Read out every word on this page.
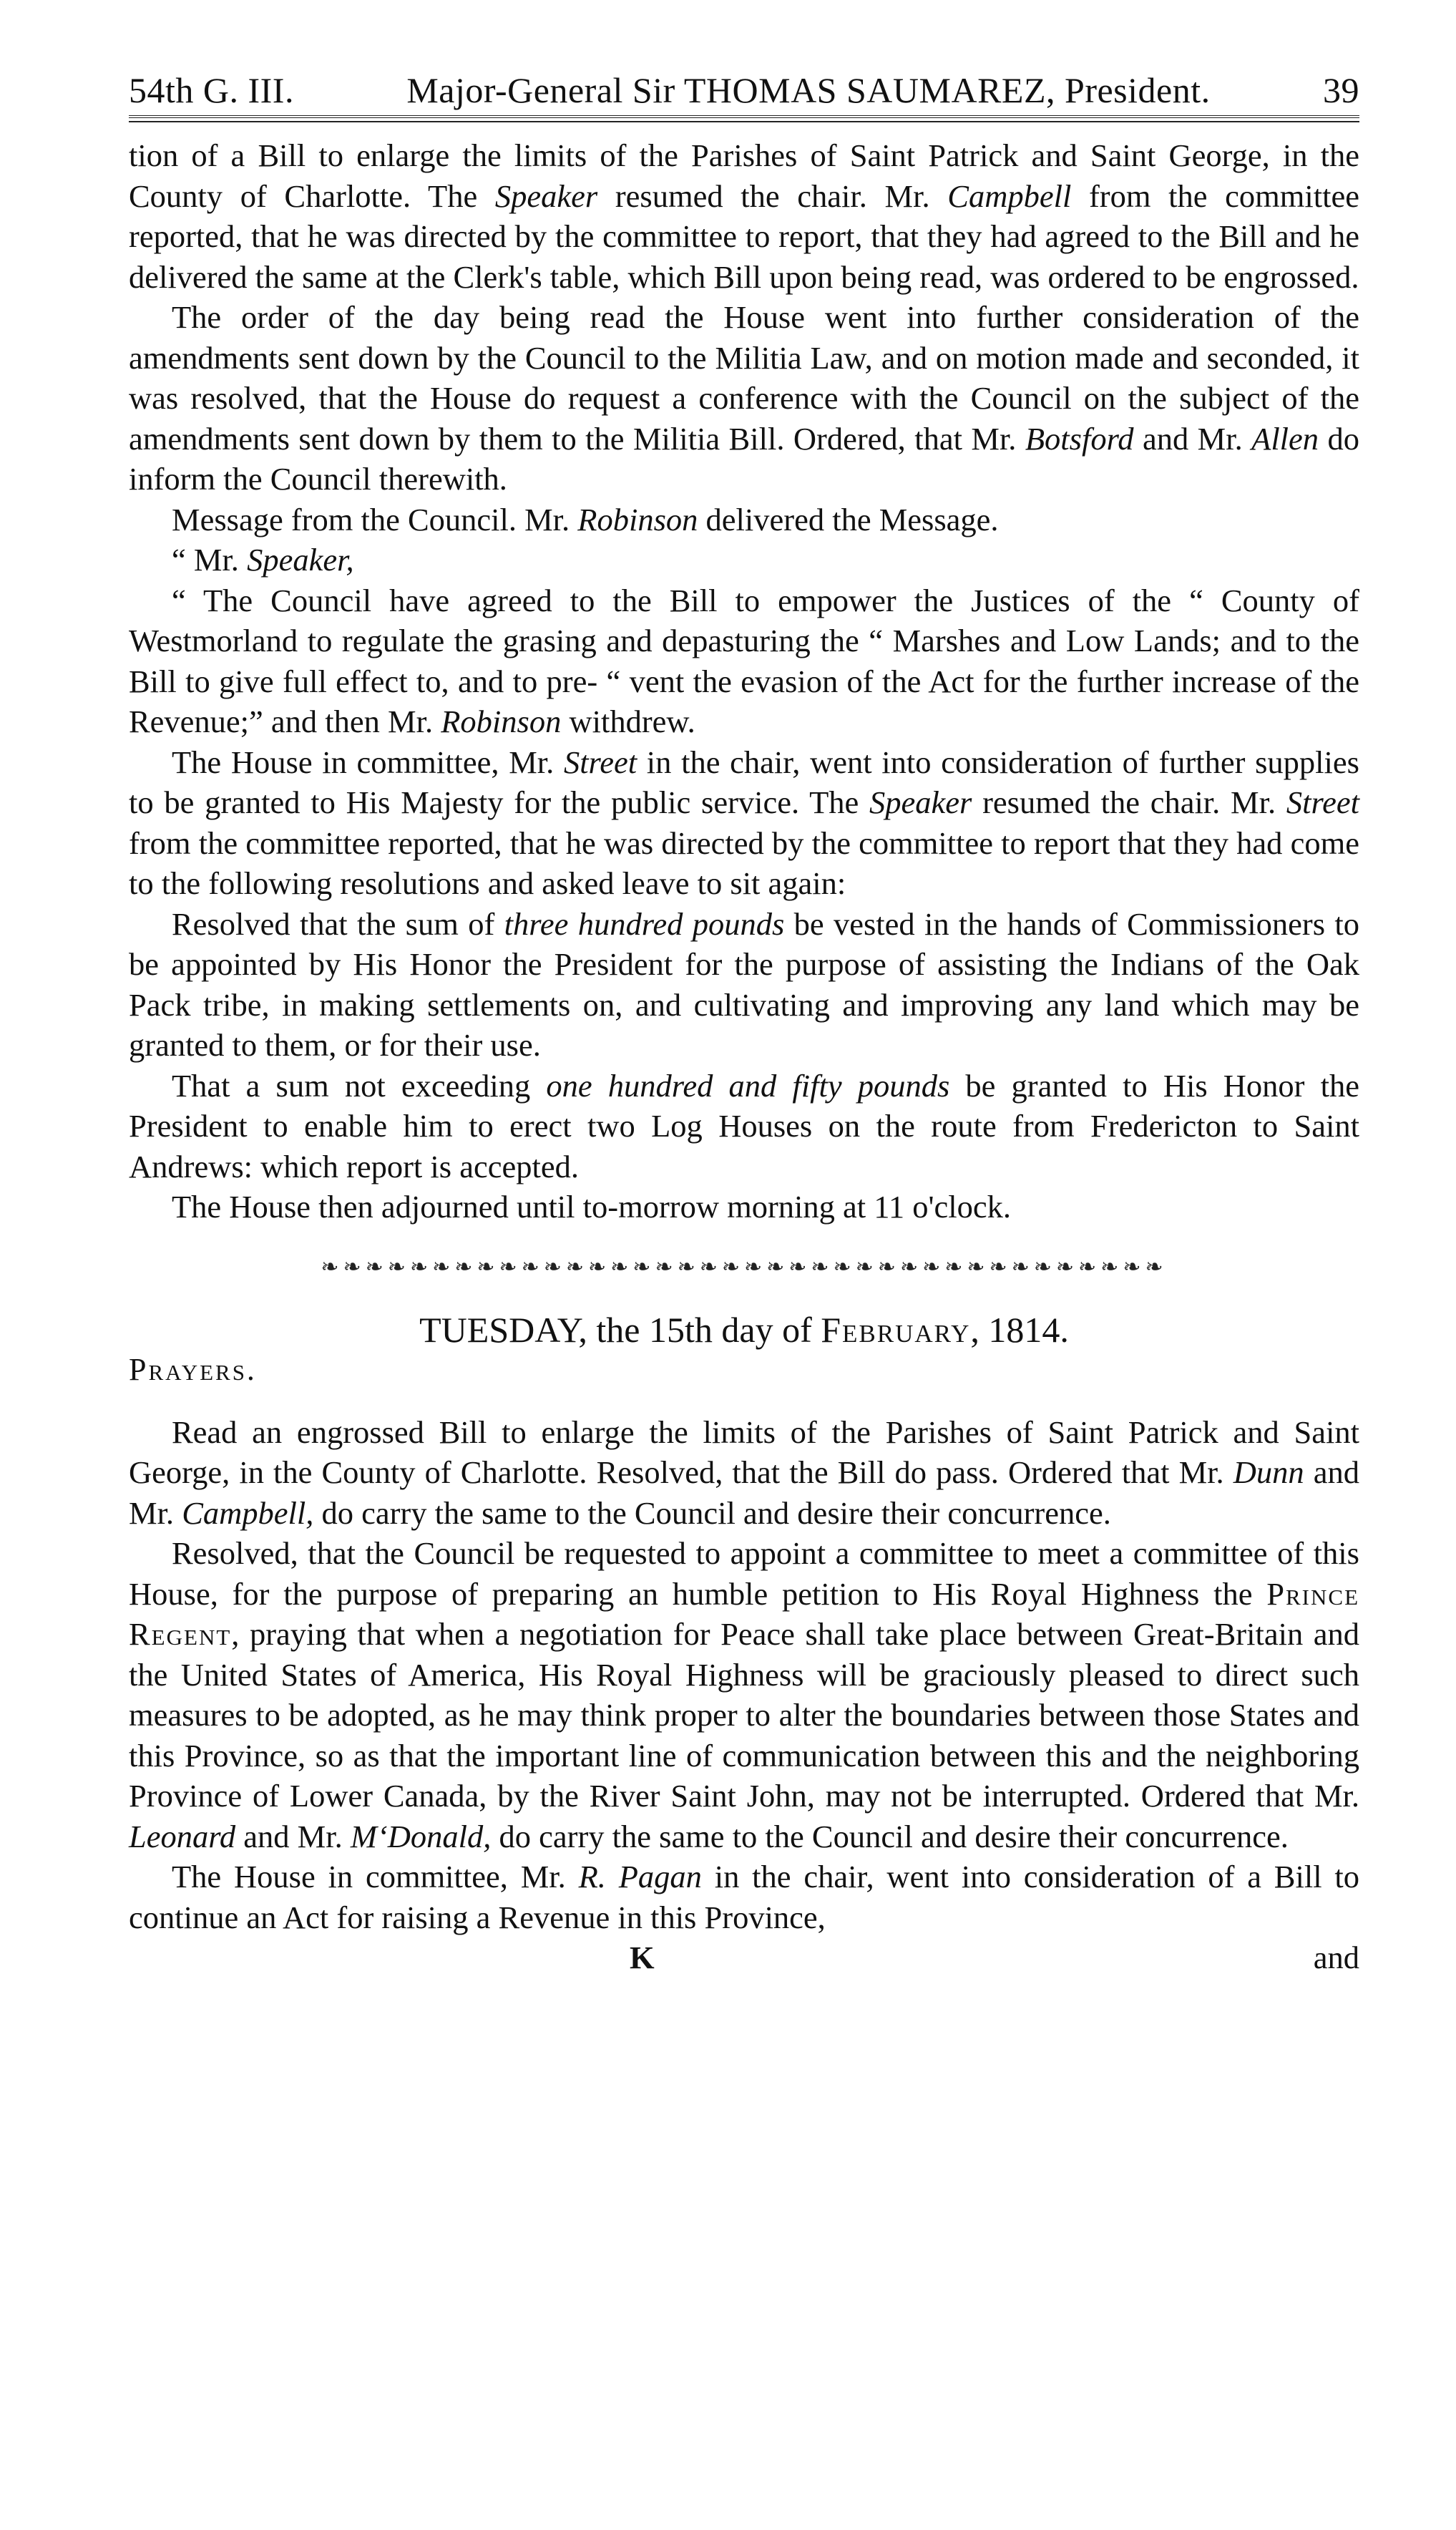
54th G. III.	Major-General Sir THOMAS SAUMAREZ, President.	39

tion of a Bill to enlarge the limits of the Parishes of Saint Patrick and Saint George, in the County of Charlotte. The Speaker resumed the chair. Mr. Campbell from the committee reported, that he was directed by the committee to report, that they had agreed to the Bill and he delivered the same at the Clerk's table, which Bill upon being read, was ordered to be engrossed.

The order of the day being read the House went into further consideration of the amendments sent down by the Council to the Militia Law, and on motion made and seconded, it was resolved, that the House do request a conference with the Council on the subject of the amendments sent down by them to the Militia Bill. Ordered, that Mr. Botsford and Mr. Allen do inform the Council therewith.

Message from the Council. Mr. Robinson delivered the Message.

“ Mr. Speaker,

“ The Council have agreed to the Bill to empower the Justices of the “ County of Westmorland to regulate the grasing and depasturing the “ Marshes and Low Lands; and to the Bill to give full effect to, and to pre- “ vent the evasion of the Act for the further increase of the Revenue;” and then Mr. Robinson withdrew.

The House in committee, Mr. Street in the chair, went into consideration of further supplies to be granted to His Majesty for the public service. The Speaker resumed the chair. Mr. Street from the committee reported, that he was directed by the committee to report that they had come to the following resolutions and asked leave to sit again:

Resolved that the sum of three hundred pounds be vested in the hands of Commissioners to be appointed by His Honor the President for the purpose of assisting the Indians of the Oak Pack tribe, in making settlements on, and cultivating and improving any land which may be granted to them, or for their use.

That a sum not exceeding one hundred and fifty pounds be granted to His Honor the President to enable him to erect two Log Houses on the route from Fredericton to Saint Andrews: which report is accepted.

The House then adjourned until to-morrow morning at 11 o'clock.

❧❧❧❧❧❧❧❧❧❧❧❧❧❧❧❧❧❧❧❧❧❧❧❧❧❧❧❧❧❧❧❧❧❧❧❧❧❧
TUESDAY, the 15th day of February, 1814.
Prayers.

Read an engrossed Bill to enlarge the limits of the Parishes of Saint Patrick and Saint George, in the County of Charlotte. Resolved, that the Bill do pass. Ordered that Mr. Dunn and Mr. Campbell, do carry the same to the Council and desire their concurrence.

Resolved, that the Council be requested to appoint a committee to meet a committee of this House, for the purpose of preparing an humble petition to His Royal Highness the Prince Regent, praying that when a negotiation for Peace shall take place between Great-Britain and the United States of America, His Royal Highness will be graciously pleased to direct such measures to be adopted, as he may think proper to alter the boundaries between those States and this Province, so as that the important line of communication between this and the neighboring Province of Lower Canada, by the River Saint John, may not be interrupted. Ordered that Mr. Leonard and Mr. M‘Donald, do carry the same to the Council and desire their concurrence.

The House in committee, Mr. R. Pagan in the chair, went into consideration of a Bill to continue an Act for raising a Revenue in this Province,

K	and
